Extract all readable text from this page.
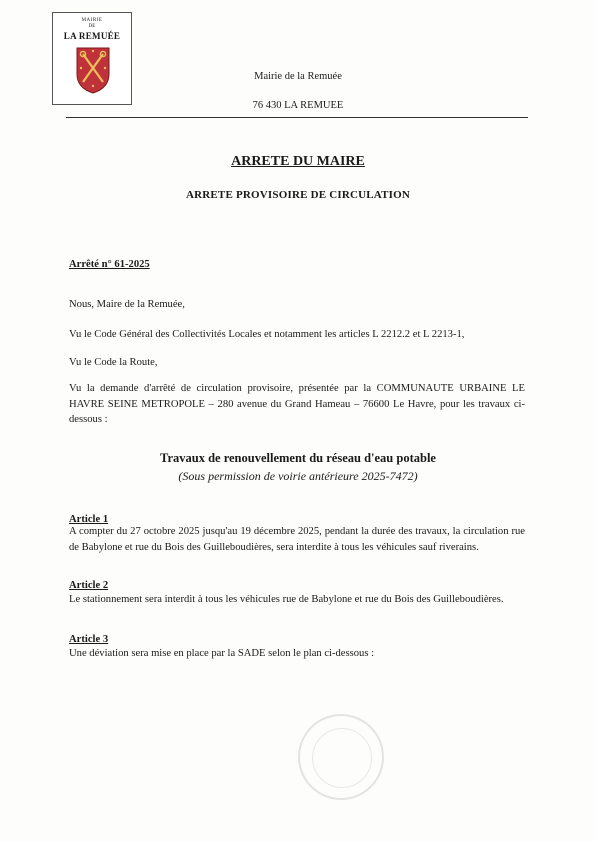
MAIRIE
DE
LA REMUÉE
Mairie de la Remuée
76 430 LA REMUEE
ARRETE DU MAIRE
ARRETE PROVISOIRE DE CIRCULATION
Arrêté n° 61-2025
Nous, Maire de la Remuée,
Vu le Code Général des Collectivités Locales et notamment les articles L 2212.2 et L 2213-1,
Vu le Code la Route,
Vu la demande d'arrêté de circulation provisoire, présentée par la COMMUNAUTE URBAINE LE HAVRE SEINE METROPOLE – 280 avenue du Grand Hameau – 76600 Le Havre, pour les travaux ci-dessous :
Travaux de renouvellement du réseau d'eau potable
(Sous permission de voirie antérieure 2025-7472)
Article 1
A compter du 27 octobre 2025 jusqu'au 19 décembre 2025, pendant la durée des travaux, la circulation rue de Babylone et rue du Bois des Guilleboudières, sera interdite à tous les véhicules sauf riverains.
Article 2
Le stationnement sera interdit à tous les véhicules rue de Babylone et rue du Bois des Guilleboudières.
Article 3
Une déviation sera mise en place par la SADE selon le plan ci-dessous :
